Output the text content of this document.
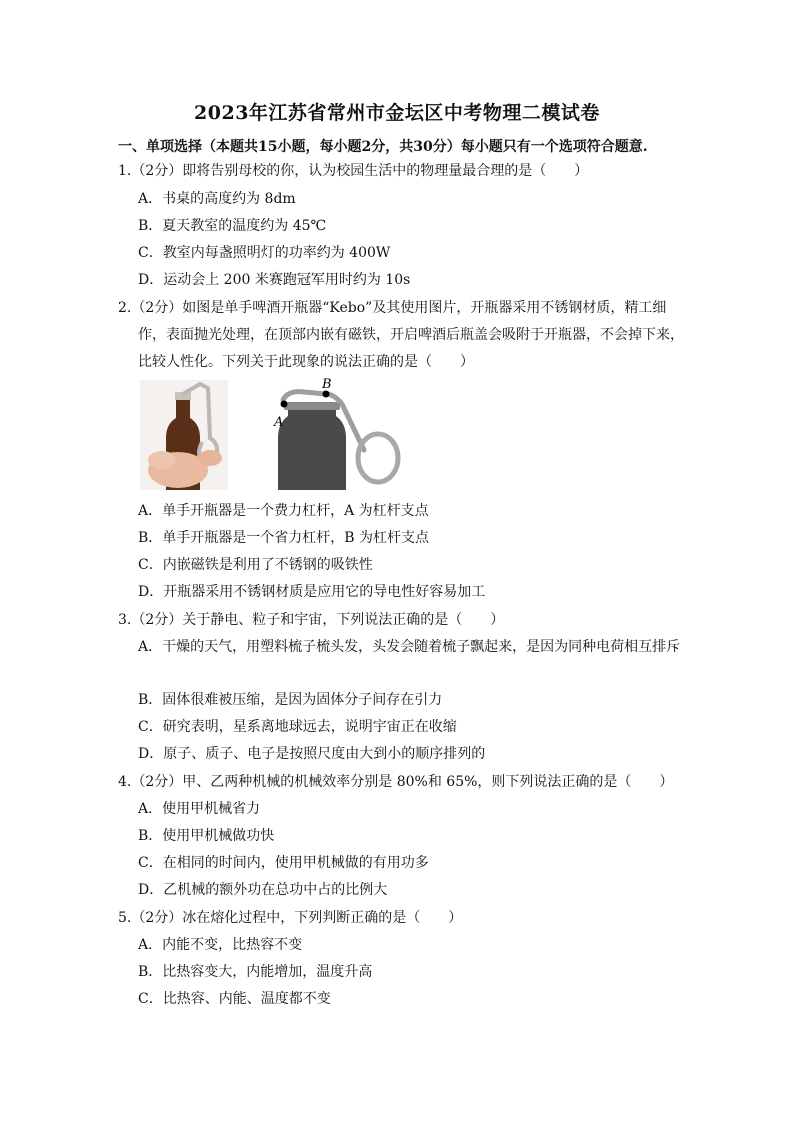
2023年江苏省常州市金坛区中考物理二模试卷
一、单项选择（本题共15小题，每小题2分，共30分）每小题只有一个选项符合题意.
1.（2分）即将告别母校的你，认为校园生活中的物理量最合理的是（　　）
A．书桌的高度约为 8dm
B．夏天教室的温度约为 45℃
C．教室内每盏照明灯的功率约为 400W
D．运动会上 200 米赛跑冠军用时约为 10s
2.（2分）如图是单手啤酒开瓶器“Kebo”及其使用图片，开瓶器采用不锈钢材质，精工细
作，表面抛光处理，在顶部内嵌有磁铁，开启啤酒后瓶盖会吸附于开瓶器，不会掉下来，
比较人性化。下列关于此现象的说法正确的是（　　）
A
B
A．单手开瓶器是一个费力杠杆，A 为杠杆支点
B．单手开瓶器是一个省力杠杆，B 为杠杆支点
C．内嵌磁铁是利用了不锈钢的吸铁性
D．开瓶器采用不锈钢材质是应用它的导电性好容易加工
3.（2分）关于静电、粒子和宇宙，下列说法正确的是（　　）
A．干燥的天气，用塑料梳子梳头发，头发会随着梳子飘起来，是因为同种电荷相互排斥
B．固体很难被压缩，是因为固体分子间存在引力
C．研究表明，星系离地球远去，说明宇宙正在收缩
D．原子、质子、电子是按照尺度由大到小的顺序排列的
4.（2分）甲、乙两种机械的机械效率分别是 80%和 65%，则下列说法正确的是（　　）
A．使用甲机械省力
B．使用甲机械做功快
C．在相同的时间内，使用甲机械做的有用功多
D．乙机械的额外功在总功中占的比例大
5.（2分）冰在熔化过程中，下列判断正确的是（　　）
A．内能不变，比热容不变
B．比热容变大，内能增加，温度升高
C．比热容、内能、温度都不变
